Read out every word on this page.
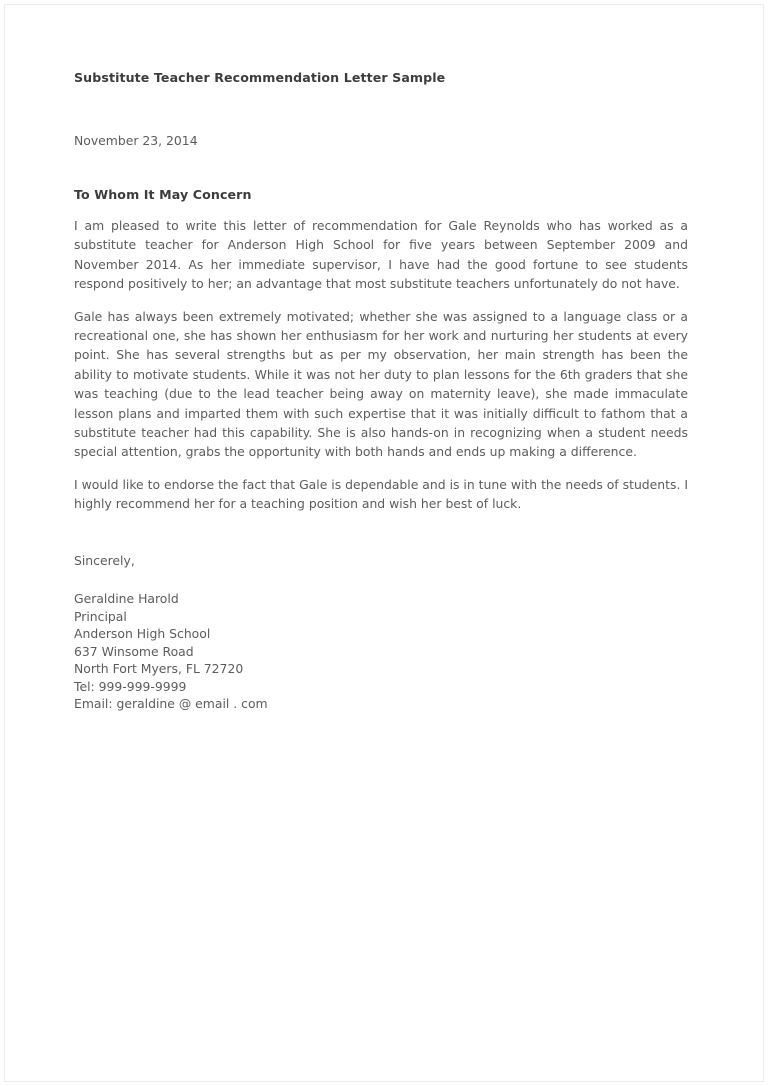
Substitute Teacher Recommendation Letter Sample

November 23, 2014

To Whom It May Concern

I am pleased to write this letter of recommendation for Gale Reynolds who has worked as a substitute teacher for Anderson High School for five years between September 2009 and November 2014. As her immediate supervisor, I have had the good fortune to see students respond positively to her; an advantage that most substitute teachers unfortunately do not have.

Gale has always been extremely motivated; whether she was assigned to a language class or a recreational one, she has shown her enthusiasm for her work and nurturing her students at every point. She has several strengths but as per my observation, her main strength has been the ability to motivate students. While it was not her duty to plan lessons for the 6th graders that she was teaching (due to the lead teacher being away on maternity leave), she made immaculate lesson plans and imparted them with such expertise that it was initially difficult to fathom that a substitute teacher had this capability. She is also hands-on in recognizing when a student needs special attention, grabs the opportunity with both hands and ends up making a difference.

I would like to endorse the fact that Gale is dependable and is in tune with the needs of students. I highly recommend her for a teaching position and wish her best of luck.

Sincerely,

Geraldine Harold
Principal
Anderson High School
637 Winsome Road
North Fort Myers, FL 72720
Tel: 999-999-9999
Email: geraldine @ email . com
